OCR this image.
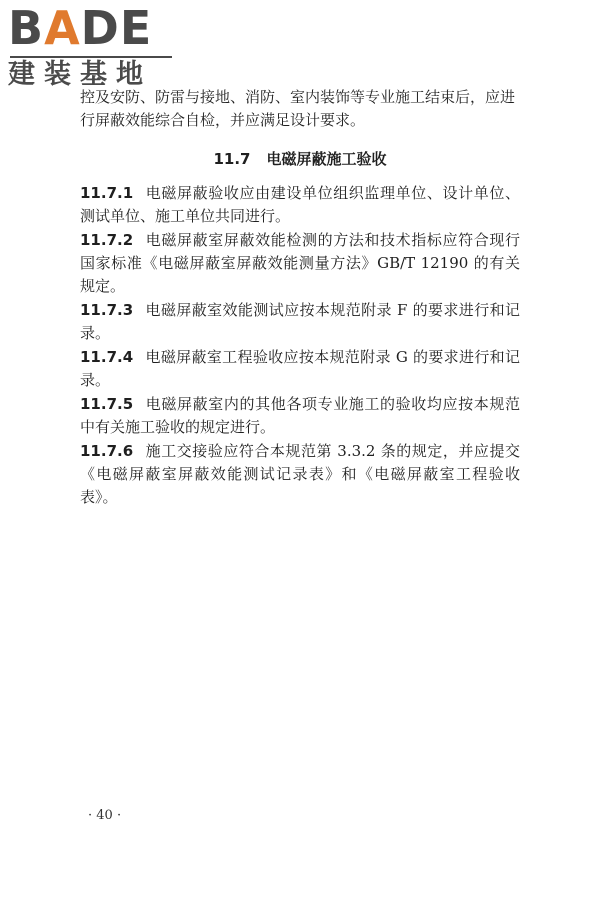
BADE
建装基地
控及安防、防雷与接地、消防、室内装饰等专业施工结束后，应进行屏蔽效能综合自检，并应满足设计要求。
11.7 电磁屏蔽施工验收

11.7.1 电磁屏蔽验收应由建设单位组织监理单位、设计单位、测试单位、施工单位共同进行。

11.7.2 电磁屏蔽室屏蔽效能检测的方法和技术指标应符合现行国家标准《电磁屏蔽室屏蔽效能测量方法》GB/T 12190 的有关规定。

11.7.3 电磁屏蔽室效能测试应按本规范附录 F 的要求进行和记录。

11.7.4 电磁屏蔽室工程验收应按本规范附录 G 的要求进行和记录。

11.7.5 电磁屏蔽室内的其他各项专业施工的验收均应按本规范中有关施工验收的规定进行。

11.7.6 施工交接验应符合本规范第 3.3.2 条的规定，并应提交《电磁屏蔽室屏蔽效能测试记录表》和《电磁屏蔽室工程验收表》。

· 40 ·
